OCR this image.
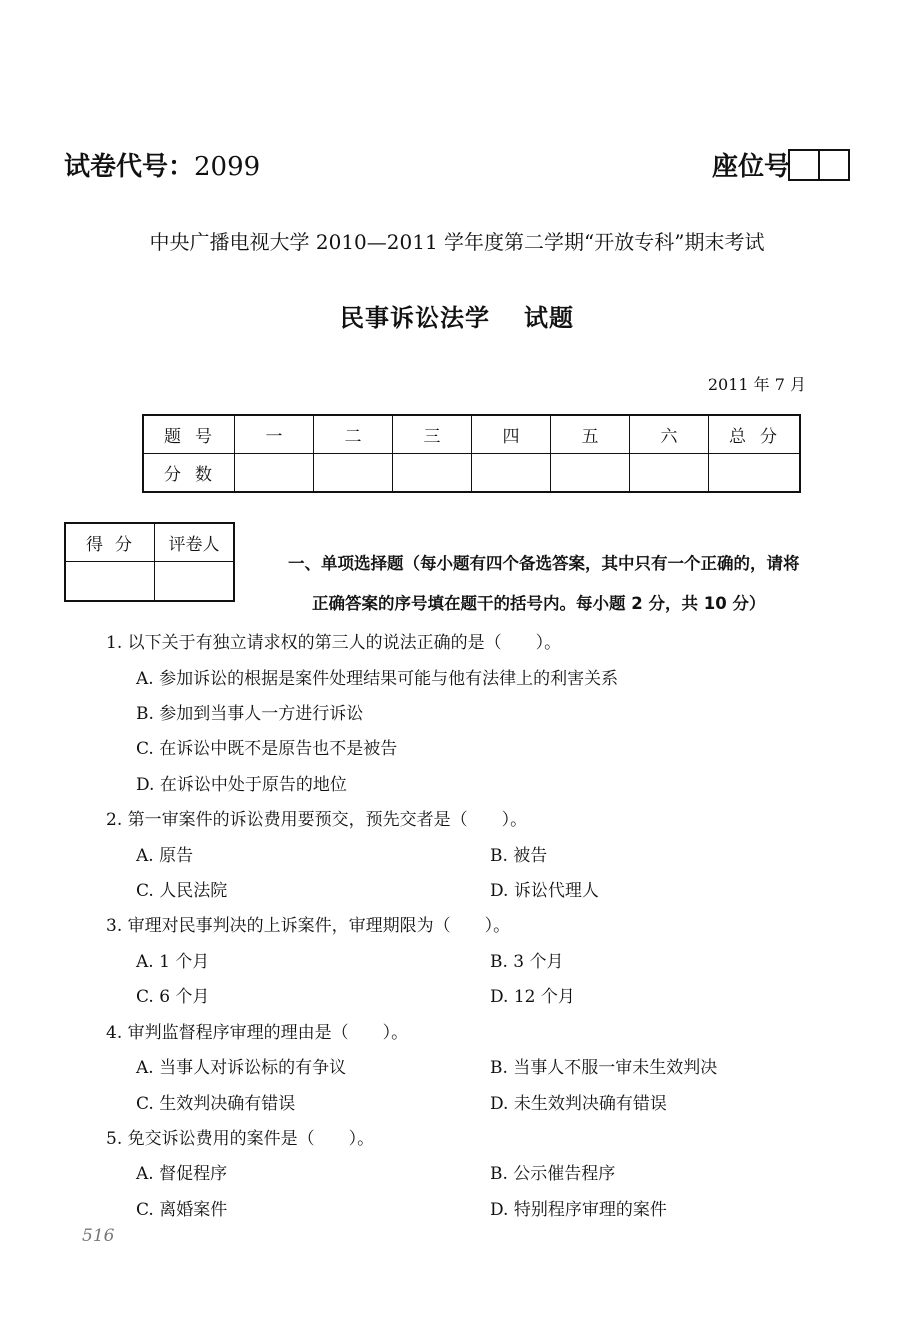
试卷代号：2099	座位号
中央广播电视大学 2010—2011 学年度第二学期“开放专科”期末考试
民事诉讼法学 试题
2011 年 7 月
题号	一	二	三	四	五	六	总分
分数							
得分	评卷人

一、单项选择题（每小题有四个备选答案，其中只有一个正确的，请将
正确答案的序号填在题干的括号内。每小题 2 分，共 10 分）
1. 以下关于有独立请求权的第三人的说法正确的是（　　）。
A. 参加诉讼的根据是案件处理结果可能与他有法律上的利害关系
B. 参加到当事人一方进行诉讼
C. 在诉讼中既不是原告也不是被告
D. 在诉讼中处于原告的地位
2. 第一审案件的诉讼费用要预交，预先交者是（　　）。
A. 原告	B. 被告
C. 人民法院	D. 诉讼代理人
3. 审理对民事判决的上诉案件，审理期限为（　　）。
A. 1 个月	B. 3 个月
C. 6 个月	D. 12 个月
4. 审判监督程序审理的理由是（　　）。
A. 当事人对诉讼标的有争议	B. 当事人不服一审未生效判决
C. 生效判决确有错误	D. 未生效判决确有错误
5. 免交诉讼费用的案件是（　　）。
A. 督促程序	B. 公示催告程序
C. 离婚案件	D. 特别程序审理的案件
516
